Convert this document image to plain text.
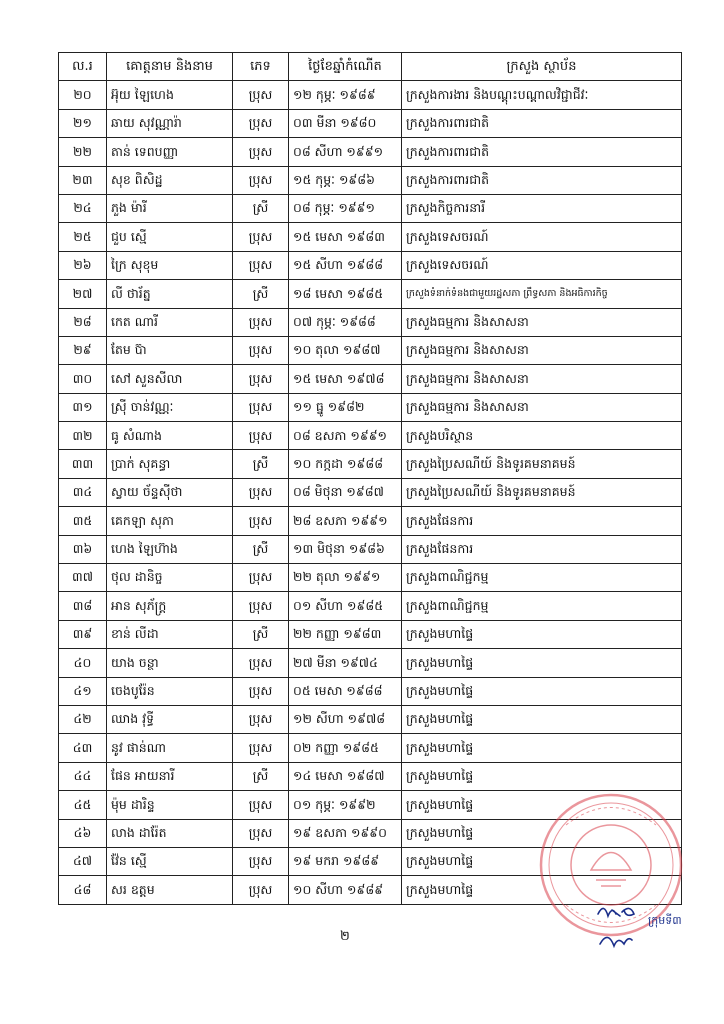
ល.រ	គោត្តនាម និងនាម	ភេទ	ថ្ងៃខែឆ្នាំកំណើត	ក្រសួង ស្ថាប័ន
២០	អ៊ុយ ឡៃហេង	ប្រុស	១២ កុម្ភៈ ១៩៨៩	ក្រសួងការងារ និងបណ្តុះបណ្តាលវិជ្ជាជីវៈ
២១	ឆាយ សុវណ្ណារ៉ា	ប្រុស	០៣ មីនា ១៩៨០	ក្រសួងការពារជាតិ
២២	តាន់ ទេពបញ្ញា	ប្រុស	០៨ សីហា ១៩៩១	ក្រសួងការពារជាតិ
២៣	សុខ ពិសិដ្ឋ	ប្រុស	១៥ កុម្ភៈ ១៩៨៦	ក្រសួងការពារជាតិ
២៤	ភួង ម៉ារី	ស្រី	០៨ កុម្ភៈ ១៩៩១	ក្រសួងកិច្ចការនារី
២៥	ជួប ស្មើ	ប្រុស	១៥ មេសា ១៩៨៣	ក្រសួងទេសចរណ៍
២៦	ក្រៃ សុខុម	ប្រុស	១៥ សីហា ១៩៨៨	ក្រសួងទេសចរណ៍
២៧	លី ថារ័ត្ន	ស្រី	១៨ មេសា ១៩៨៥	ក្រសួងទំនាក់ទំនងជាមួយរដ្ឋសភា ព្រឹទ្ធសភា និងអធិការកិច្ច
២៨	កេត ណារី	ប្រុស	០៧ កុម្ភៈ ១៩៨៨	ក្រសួងធម្មការ និងសាសនា
២៩	តែម ប៊ា	ប្រុស	១០ តុលា ១៩៨៧	ក្រសួងធម្មការ និងសាសនា
៣០	សៅ សួនសីលា	ប្រុស	១៥ មេសា ១៩៧៨	ក្រសួងធម្មការ និងសាសនា
៣១	ស្រ៊ី ចាន់វណ្ណៈ	ប្រុស	១១ ធ្នូ ១៩៨២	ក្រសួងធម្មការ និងសាសនា
៣២	ធូ សំណាង	ប្រុស	០៨ ឧសភា ១៩៩១	ក្រសួងបរិស្ថាន
៣៣	ប្រាក់ សុគន្ធា	ស្រី	១០ កក្កដា ១៩៨៨	ក្រសួងប្រៃសណីយ៍ និងទូរគមនាគមន៍
៣៤	ស្វាយ ច័ន្ទស៊ីថា	ប្រុស	០៨ មិថុនា ១៩៨៧	ក្រសួងប្រៃសណីយ៍ និងទូរគមនាគមន៍
៣៥	គេកឡា សុភា	ប្រុស	២៨ ឧសភា ១៩៩១	ក្រសួងផែនការ
៣៦	ហេង ឡៃហ៊ាង	ស្រី	១៣ មិថុនា ១៩៨៦	ក្រសួងផែនការ
៣៧	ថុល ដានិច្ច	ប្រុស	២២ តុលា ១៩៩១	ក្រសួងពាណិជ្ជកម្ម
៣៨	អាន សុភ័ក្រ្ត	ប្រុស	០១ សីហា ១៩៨៥	ក្រសួងពាណិជ្ជកម្ម
៣៩	ខាន់ លីដា	ស្រី	២២ កញ្ញា ១៩៨៣	ក្រសួងមហាផ្ទៃ
៤០	យាង ចន្ថា	ប្រុស	២៧ មីនា ១៩៧៤	ក្រសួងមហាផ្ទៃ
៤១	ចេងបូរ៉ែន	ប្រុស	០៥ មេសា ១៩៨៨	ក្រសួងមហាផ្ទៃ
៤២	ឈាង វុទ្ធី	ប្រុស	១២ សីហា ១៩៧៨	ក្រសួងមហាផ្ទៃ
៤៣	នូវ ផាន់ណា	ប្រុស	០២ កញ្ញា ១៩៨៥	ក្រសួងមហាផ្ទៃ
៤៤	ផែន អាយនារី	ស្រី	១៤ មេសា ១៩៨៧	ក្រសួងមហាផ្ទៃ
៤៥	ម៉ុម ដារិន្ទ	ប្រុស	០១ កុម្ភៈ ១៩៩២	ក្រសួងមហាផ្ទៃ
៤៦	លាង ដារ៉ែត	ប្រុស	១៩ ឧសភា ១៩៩០	ក្រសួងមហាផ្ទៃ
៤៧	វ៉ែន ស្មើ	ប្រុស	១៩ មករា ១៩៨៩	ក្រសួងមហាផ្ទៃ
៤៨	សរ ឧត្តម	ប្រុស	១០ សីហា ១៩៨៩	ក្រសួងមហាផ្ទៃ
ក្រុមទី៣
២
